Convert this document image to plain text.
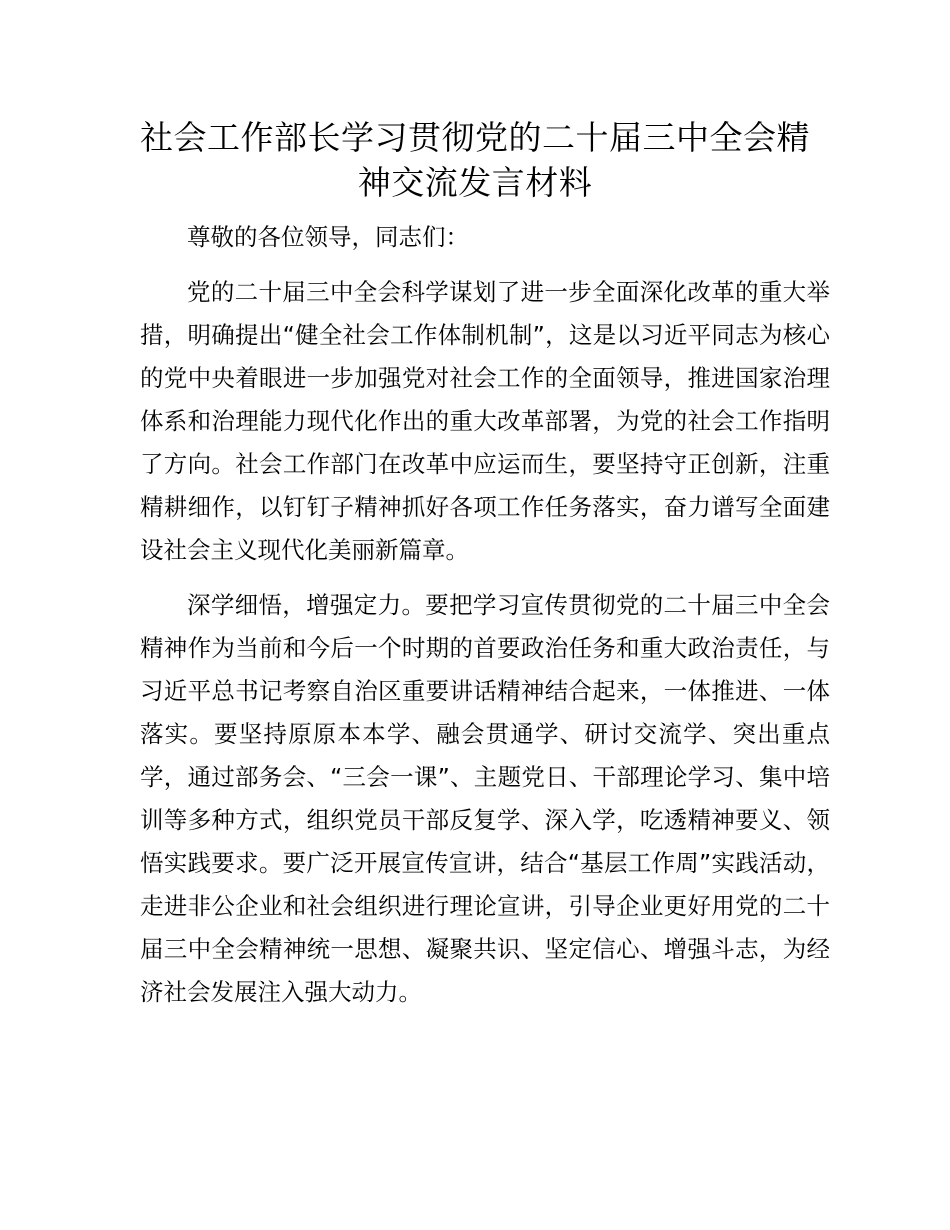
社会工作部长学习贯彻党的二十届三中全会精神交流发言材料

尊敬的各位领导，同志们：

党的二十届三中全会科学谋划了进一步全面深化改革的重大举措，明确提出“健全社会工作体制机制”，这是以习近平同志为核心的党中央着眼进一步加强党对社会工作的全面领导，推进国家治理体系和治理能力现代化作出的重大改革部署，为党的社会工作指明了方向。社会工作部门在改革中应运而生，要坚持守正创新，注重精耕细作，以钉钉子精神抓好各项工作任务落实，奋力谱写全面建设社会主义现代化美丽新篇章。

深学细悟，增强定力。要把学习宣传贯彻党的二十届三中全会精神作为当前和今后一个时期的首要政治任务和重大政治责任，与习近平总书记考察自治区重要讲话精神结合起来，一体推进、一体落实。要坚持原原本本学、融会贯通学、研讨交流学、突出重点学，通过部务会、“三会一课”、主题党日、干部理论学习、集中培训等多种方式，组织党员干部反复学、深入学，吃透精神要义、领悟实践要求。要广泛开展宣传宣讲，结合“基层工作周”实践活动，走进非公企业和社会组织进行理论宣讲，引导企业更好用党的二十届三中全会精神统一思想、凝聚共识、坚定信心、增强斗志，为经济社会发展注入强大动力。
